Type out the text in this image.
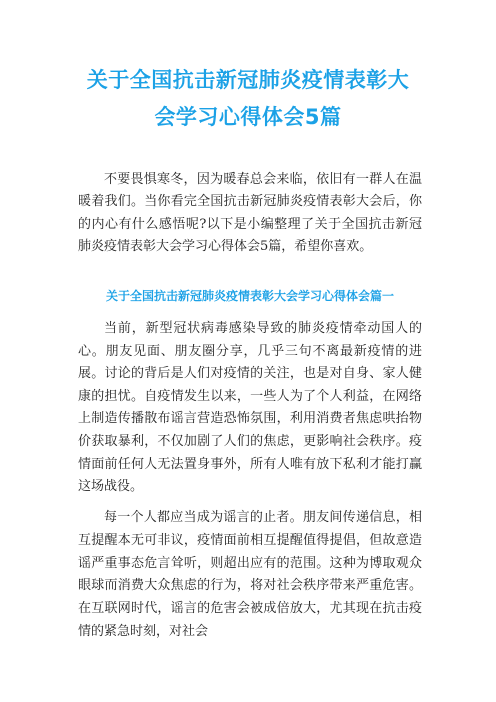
关于全国抗击新冠肺炎疫情表彰大
会学习心得体会5篇

不要畏惧寒冬，因为暖春总会来临，依旧有一群人在温暖着我们。当你看完全国抗击新冠肺炎疫情表彰大会后，你的内心有什么感悟呢?以下是小编整理了关于全国抗击新冠肺炎疫情表彰大会学习心得体会5篇，希望你喜欢。

关于全国抗击新冠肺炎疫情表彰大会学习心得体会篇一

当前，新型冠状病毒感染导致的肺炎疫情牵动国人的心。朋友见面、朋友圈分享，几乎三句不离最新疫情的进展。讨论的背后是人们对疫情的关注，也是对自身、家人健康的担忧。自疫情发生以来，一些人为了个人利益，在网络上制造传播散布谣言营造恐怖氛围，利用消费者焦虑哄抬物价获取暴利，不仅加剧了人们的焦虑，更影响社会秩序。疫情面前任何人无法置身事外，所有人唯有放下私利才能打赢这场战役。

每一个人都应当成为谣言的止者。朋友间传递信息，相互提醒本无可非议，疫情面前相互提醒值得提倡，但故意造谣严重事态危言耸听，则超出应有的范围。这种为博取观众眼球而消费大众焦虑的行为，将对社会秩序带来严重危害。在互联网时代，谣言的危害会被成倍放大，尤其现在抗击疫情的紧急时刻，对社会
